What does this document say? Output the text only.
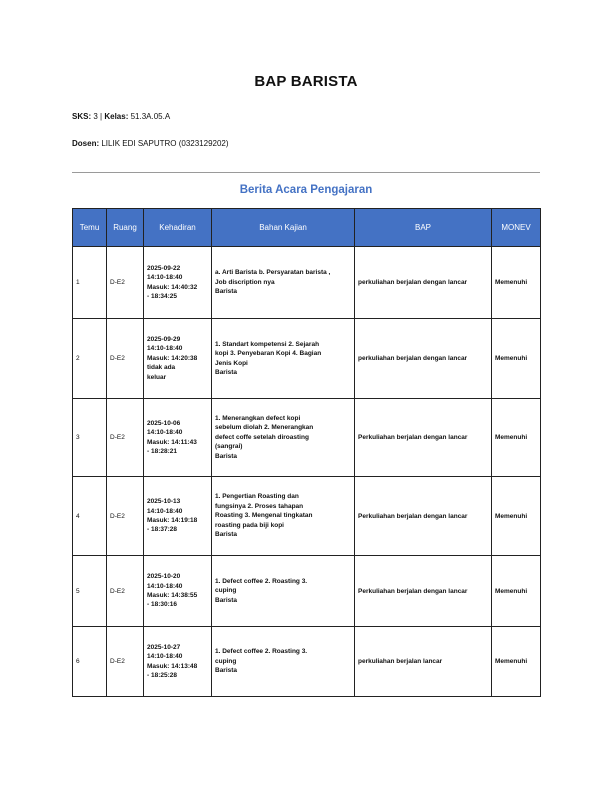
BAP BARISTA
SKS: 3 | Kelas: 51.3A.05.A
Dosen: LILIK EDI SAPUTRO (0323129202)
Berita Acara Pengajaran
Temu	Ruang	Kehadiran	Bahan Kajian	BAP	MONEV
1	D-E2	2025-09-22
14:10-18:40
Masuk: 14:40:32
- 18:34:25	a. Arti Barista b. Persyaratan barista ,
Job discription nya
Barista	perkuliahan berjalan dengan lancar	Memenuhi
2	D-E2	2025-09-29
14:10-18:40
Masuk: 14:20:38
tidak ada
keluar	1. Standart kompetensi 2. Sejarah
kopi 3. Penyebaran Kopi 4. Bagian
Jenis Kopi
Barista	perkuliahan berjalan dengan lancar	Memenuhi
3	D-E2	2025-10-06
14:10-18:40
Masuk: 14:11:43
- 18:28:21	1. Menerangkan defect kopi
sebelum diolah 2. Menerangkan
defect coffe setelah diroasting
(sangrai)
Barista	Perkuliahan berjalan dengan lancar	Memenuhi
4	D-E2	2025-10-13
14:10-18:40
Masuk: 14:19:18
- 18:37:28	1. Pengertian Roasting dan
fungsinya 2. Proses tahapan
Roasting 3. Mengenal tingkatan
roasting pada biji kopi
Barista	Perkuliahan berjalan dengan lancar	Memenuhi
5	D-E2	2025-10-20
14:10-18:40
Masuk: 14:38:55
- 18:30:16	1. Defect coffee 2. Roasting 3.
cuping
Barista	Perkuliahan berjalan dengan lancar	Memenuhi
6	D-E2	2025-10-27
14:10-18:40
Masuk: 14:13:48
- 18:25:28	1. Defect coffee 2. Roasting 3.
cuping
Barista	perkuliahan berjalan lancar	Memenuhi
